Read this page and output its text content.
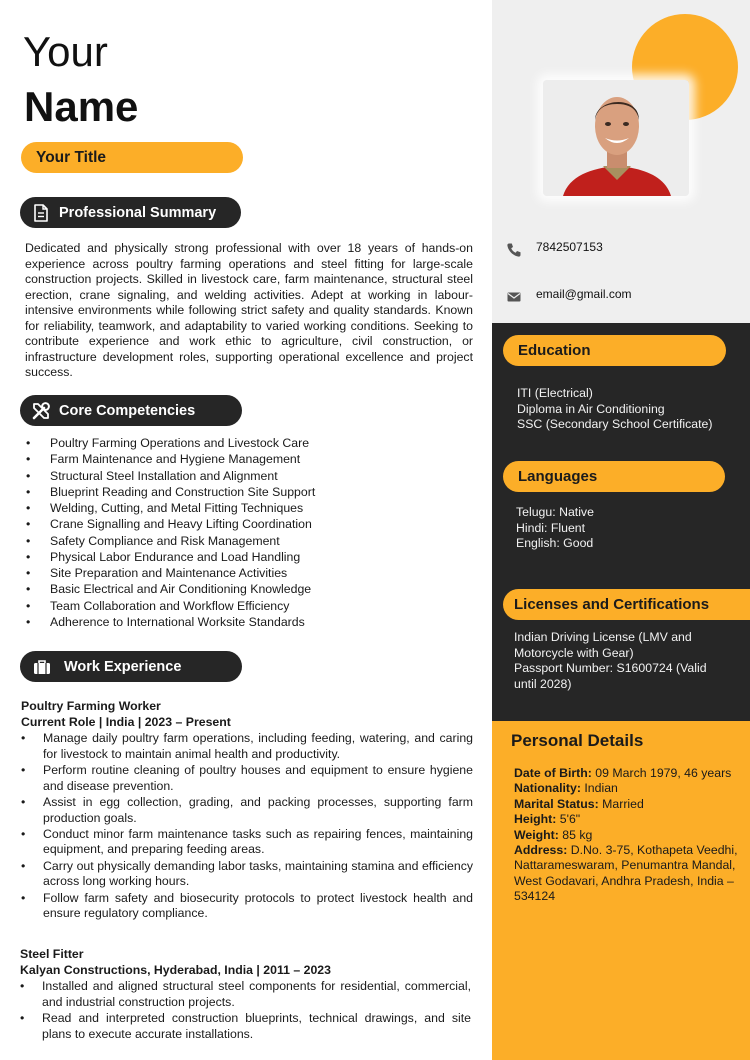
7842507153
email@gmail.com
Education
ITI (Electrical)
Diploma in Air Conditioning
SSC (Secondary School Certificate)
Languages
Telugu: Native
Hindi: Fluent
English: Good
Licenses and Certifications
Indian Driving License (LMV and Motorcycle with Gear)
Passport Number: S1600724 (Valid until 2028)
Personal Details
Date of Birth: 09 March 1979, 46 years
Nationality: Indian
Marital Status: Married
Height: 5'6"
Weight: 85 kg
Address: D.No. 3-75, Kothapeta Veedhi, Nattarameswaram, Penumantra Mandal, West Godavari, Andhra Pradesh, India – 534124
Your
Name
Your Title
Professional Summary
Dedicated and physically strong professional with over 18 years of hands-on experience across poultry farming operations and steel fitting for large-scale construction projects. Skilled in livestock care, farm maintenance, structural steel erection, crane signaling, and welding activities. Adept at working in labour-intensive environments while following strict safety and quality standards. Known for reliability, teamwork, and adaptability to varied working conditions. Seeking to contribute experience and work ethic to agriculture, civil construction, or infrastructure development roles, supporting operational excellence and project success.
Core Competencies
• Poultry Farming Operations and Livestock Care
• Farm Maintenance and Hygiene Management
• Structural Steel Installation and Alignment
• Blueprint Reading and Construction Site Support
• Welding, Cutting, and Metal Fitting Techniques
• Crane Signalling and Heavy Lifting Coordination
• Safety Compliance and Risk Management
• Physical Labor Endurance and Load Handling
• Site Preparation and Maintenance Activities
• Basic Electrical and Air Conditioning Knowledge
• Team Collaboration and Workflow Efficiency
• Adherence to International Worksite Standards
Work Experience
Poultry Farming Worker
Current Role | India | 2023 – Present
• Manage daily poultry farm operations, including feeding, watering, and caring for livestock to maintain animal health and productivity.
• Perform routine cleaning of poultry houses and equipment to ensure hygiene and disease prevention.
• Assist in egg collection, grading, and packing processes, supporting farm production goals.
• Conduct minor farm maintenance tasks such as repairing fences, maintaining equipment, and preparing feeding areas.
• Carry out physically demanding labor tasks, maintaining stamina and efficiency across long working hours.
• Follow farm safety and biosecurity protocols to protect livestock health and ensure regulatory compliance.
Steel Fitter
Kalyan Constructions, Hyderabad, India | 2011 – 2023
• Installed and aligned structural steel components for residential, commercial, and industrial construction projects.
• Read and interpreted construction blueprints, technical drawings, and site plans to execute accurate installations.
